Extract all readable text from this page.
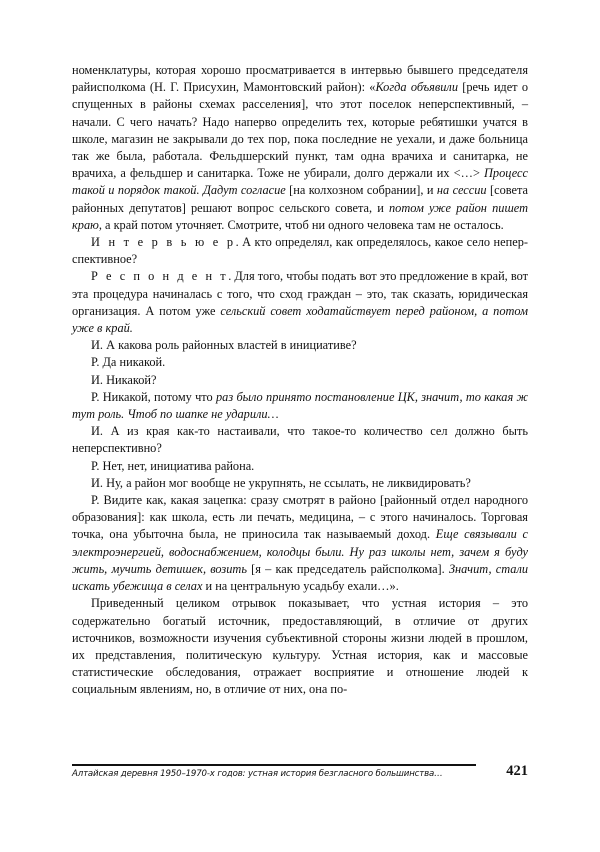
номенклатуры, которая хорошо просматривается в интервью бывшего председателя райисполкома (Н. Г. Присухин, Мамонтовский район): «Когда объявили [речь идет о спущенных в районы схемах расселения], что этот поселок неперспективный, – начали. С чего начать? Надо наперво определить тех, которые ребятишки учатся в школе, магазин не закрывали до тех пор, пока последние не уехали, и даже больница так же была, работала. Фельдшерский пункт, там одна врачиха и санитарка, не врачиха, а фельдшер и санитарка. Тоже не убирали, долго держали их <…> Процесс такой и порядок такой. Дадут согласие [на колхозном собрании], и на сессии [совета районных депутатов] решают вопрос сельского совета, и потом уже район пишет краю, а край потом уточняет. Смотрите, чтоб ни одного человека там не осталось.

И н т е р в ь ю е р. А кто определял, как определялось, какое село неперспективное?

Р е с п о н д е н т. Для того, чтобы подать вот это предложение в край, вот эта процедура начиналась с того, что сход граждан – это, так сказать, юридическая организация. А потом уже сельский совет ходатайствует перед районом, а потом уже в край.

И. А какова роль районных властей в инициативе?

Р. Да никакой.

И. Никакой?

Р. Никакой, потому что раз было принято постановление ЦК, значит, то какая ж тут роль. Чтоб по шапке не ударили…

И. А из края как-то настаивали, что такое-то количество сел должно быть неперспективно?

Р. Нет, нет, инициатива района.

И. Ну, а район мог вообще не укрупнять, не ссылать, не ликвидировать?

Р. Видите как, какая зацепка: сразу смотрят в районо [районный отдел народного образования]: как школа, есть ли печать, медицина, – с этого начиналось. Торговая точка, она убыточна была, не приносила так называемый доход. Еще связывали с электроэнергией, водоснабжением, колодцы были. Ну раз школы нет, зачем я буду жить, мучить детишек, возить [я – как председатель райсполкома]. Значит, стали искать убежища в селах и на центральную усадьбу ехали…».

Приведенный целиком отрывок показывает, что устная история – это содержательно богатый источник, предоставляющий, в отличие от других источников, возможности изучения субъективной стороны жизни людей в прошлом, их представления, политическую культуру. Устная история, как и массовые статистические обследования, отражает восприятие и отношение людей к социальным явлениям, но, в отличие от них, она по-

Алтайская деревня 1950–1970-х годов: устная история безгласного большинства…	421
